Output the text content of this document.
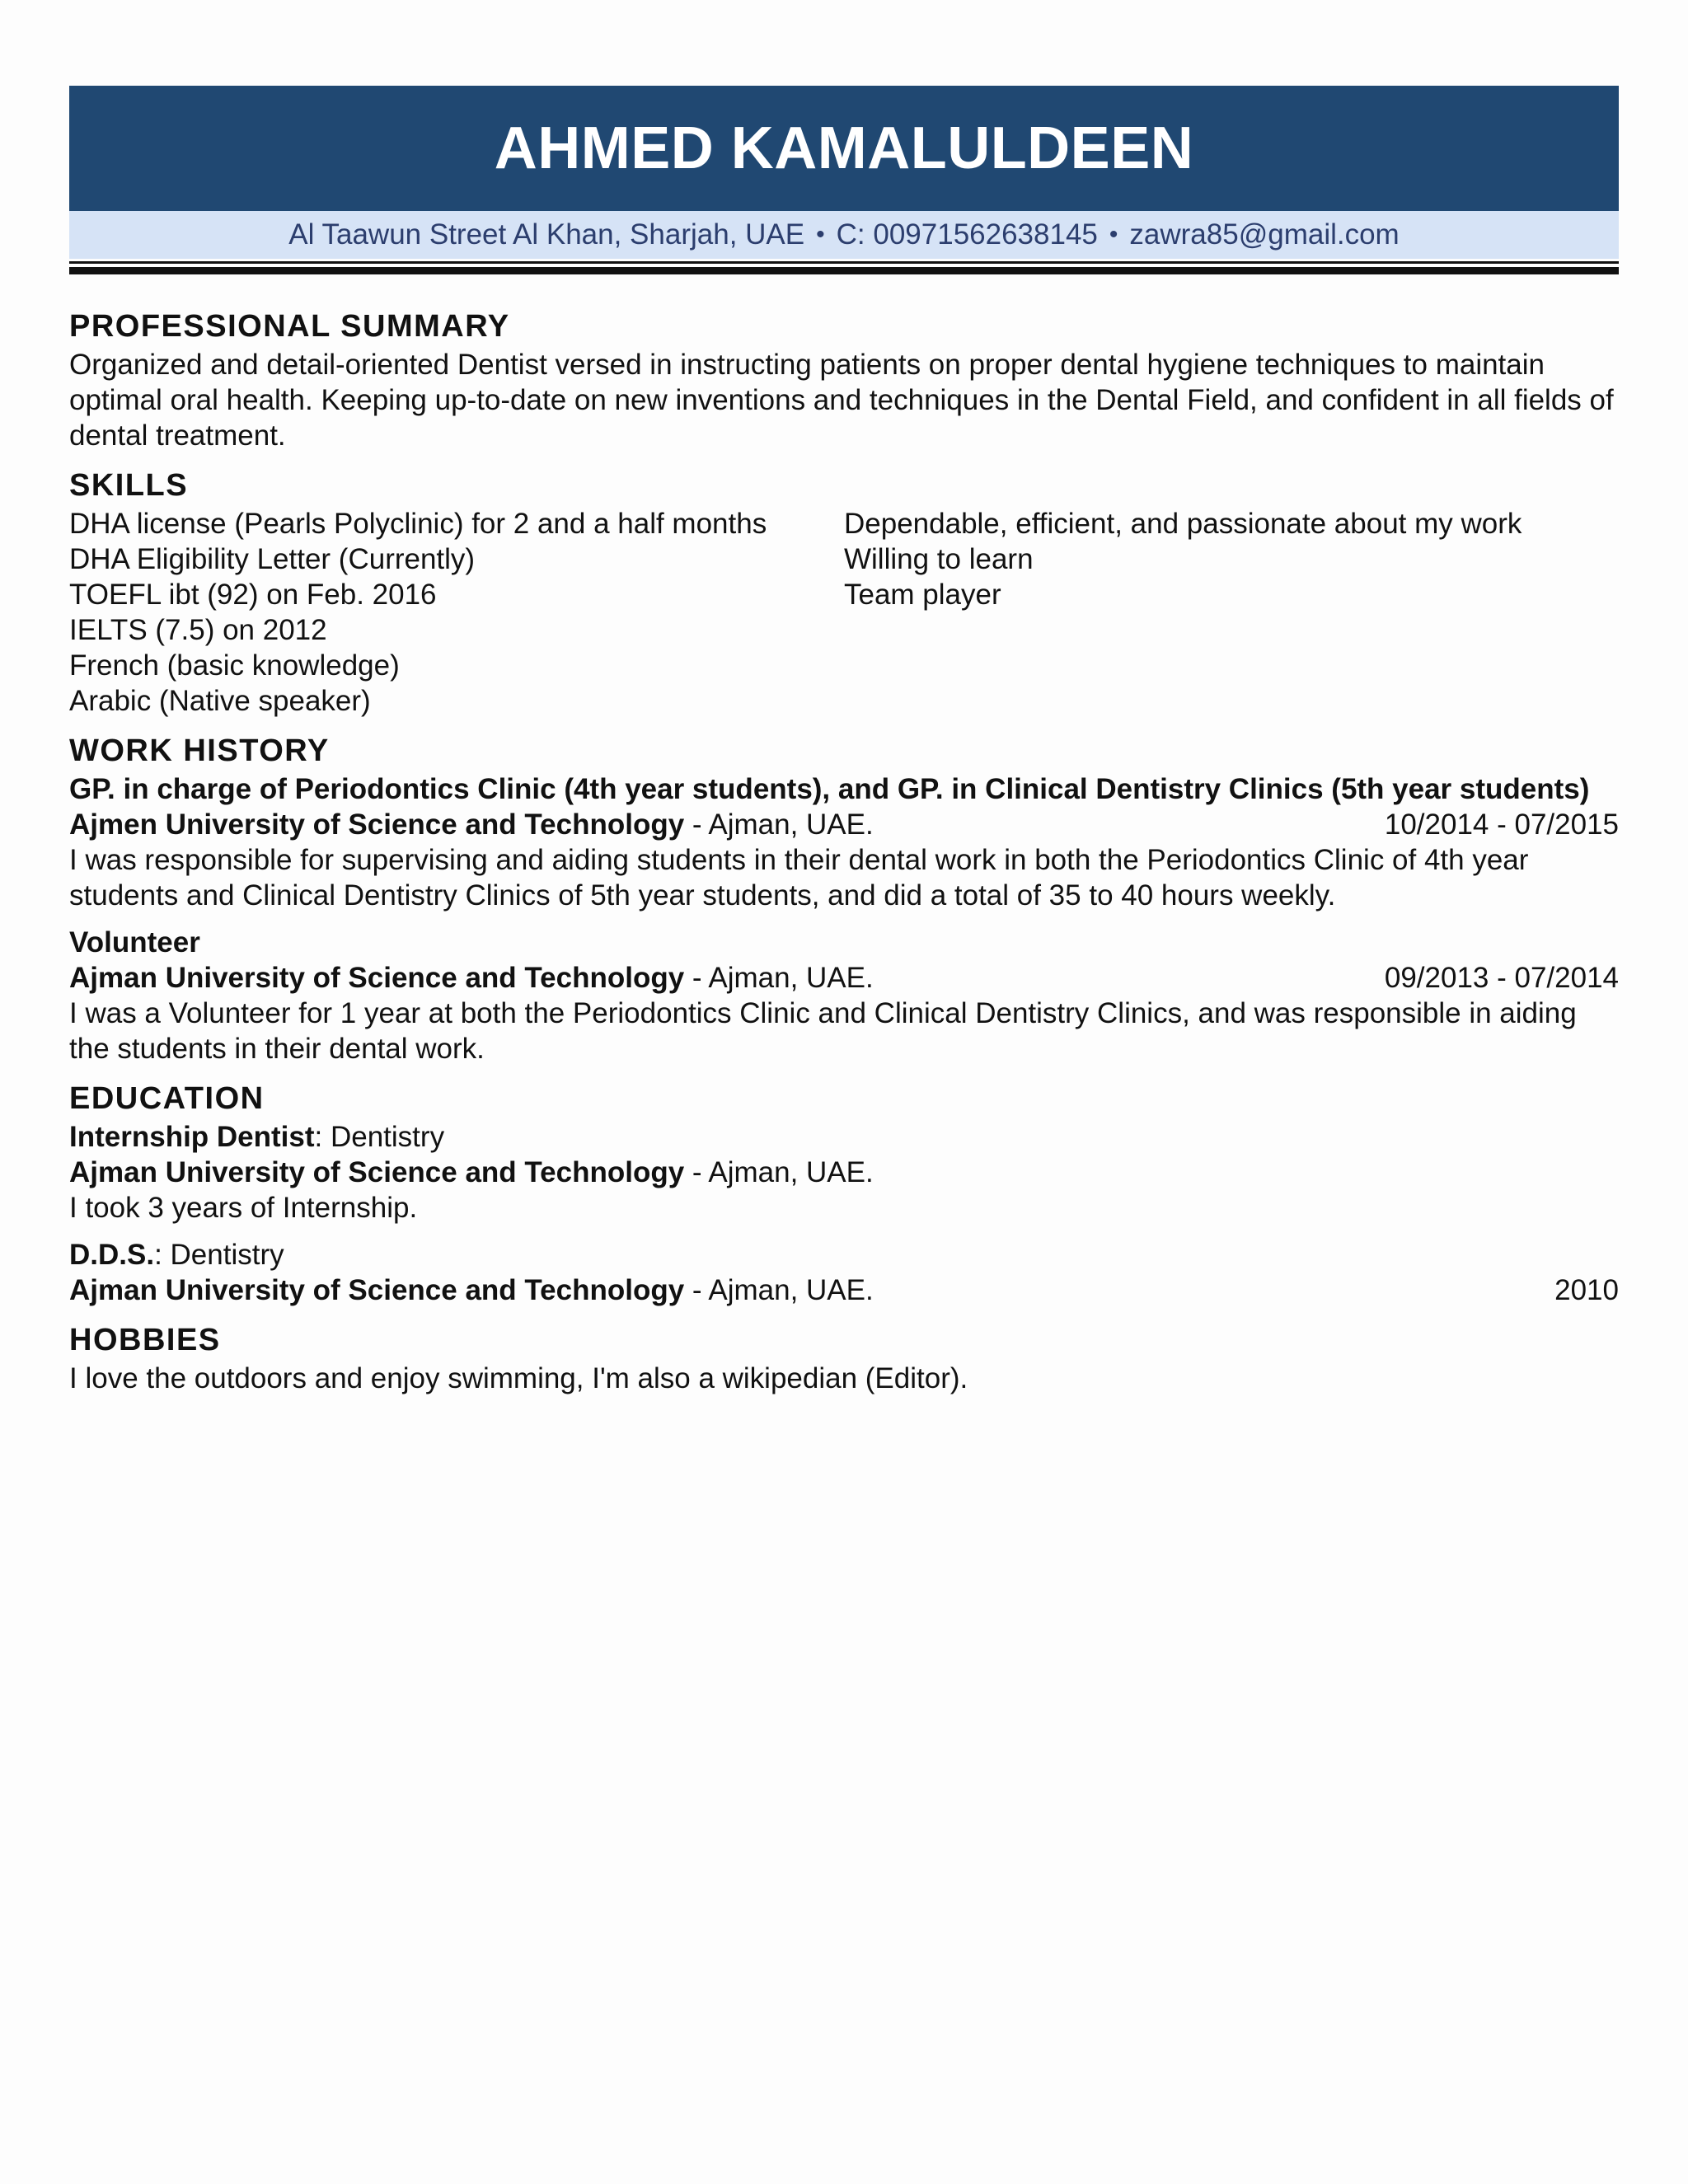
AHMED KAMALULDEEN
Al Taawun Street Al Khan, Sharjah, UAE • C: 00971562638145 • zawra85@gmail.com
PROFESSIONAL SUMMARY
Organized and detail-oriented Dentist versed in instructing patients on proper dental hygiene techniques to maintain optimal oral health. Keeping up-to-date on new inventions and techniques in the Dental Field, and confident in all fields of dental treatment.
SKILLS
DHA license (Pearls Polyclinic) for 2 and a half months
DHA Eligibility Letter (Currently)
TOEFL ibt (92) on Feb. 2016
IELTS (7.5) on 2012
French (basic knowledge)
Arabic (Native speaker)
Dependable, efficient, and passionate about my work
Willing to learn
Team player
WORK HISTORY
GP. in charge of Periodontics Clinic (4th year students), and GP. in Clinical Dentistry Clinics (5th year students)
Ajmen University of Science and Technology - Ajman, UAE.	10/2014 - 07/2015
I was responsible for supervising and aiding students in their dental work in both the Periodontics Clinic of 4th year students and Clinical Dentistry Clinics of 5th year students, and did a total of 35 to 40 hours weekly.
Volunteer
Ajman University of Science and Technology - Ajman, UAE.	09/2013 - 07/2014
I was a Volunteer for 1 year at both the Periodontics Clinic and Clinical Dentistry Clinics, and was responsible in aiding the students in their dental work.
EDUCATION
Internship Dentist: Dentistry
Ajman University of Science and Technology - Ajman, UAE.
I took 3 years of Internship.
D.D.S.: Dentistry
Ajman University of Science and Technology - Ajman, UAE.	2010
HOBBIES
I love the outdoors and enjoy swimming, I'm also a wikipedian (Editor).
